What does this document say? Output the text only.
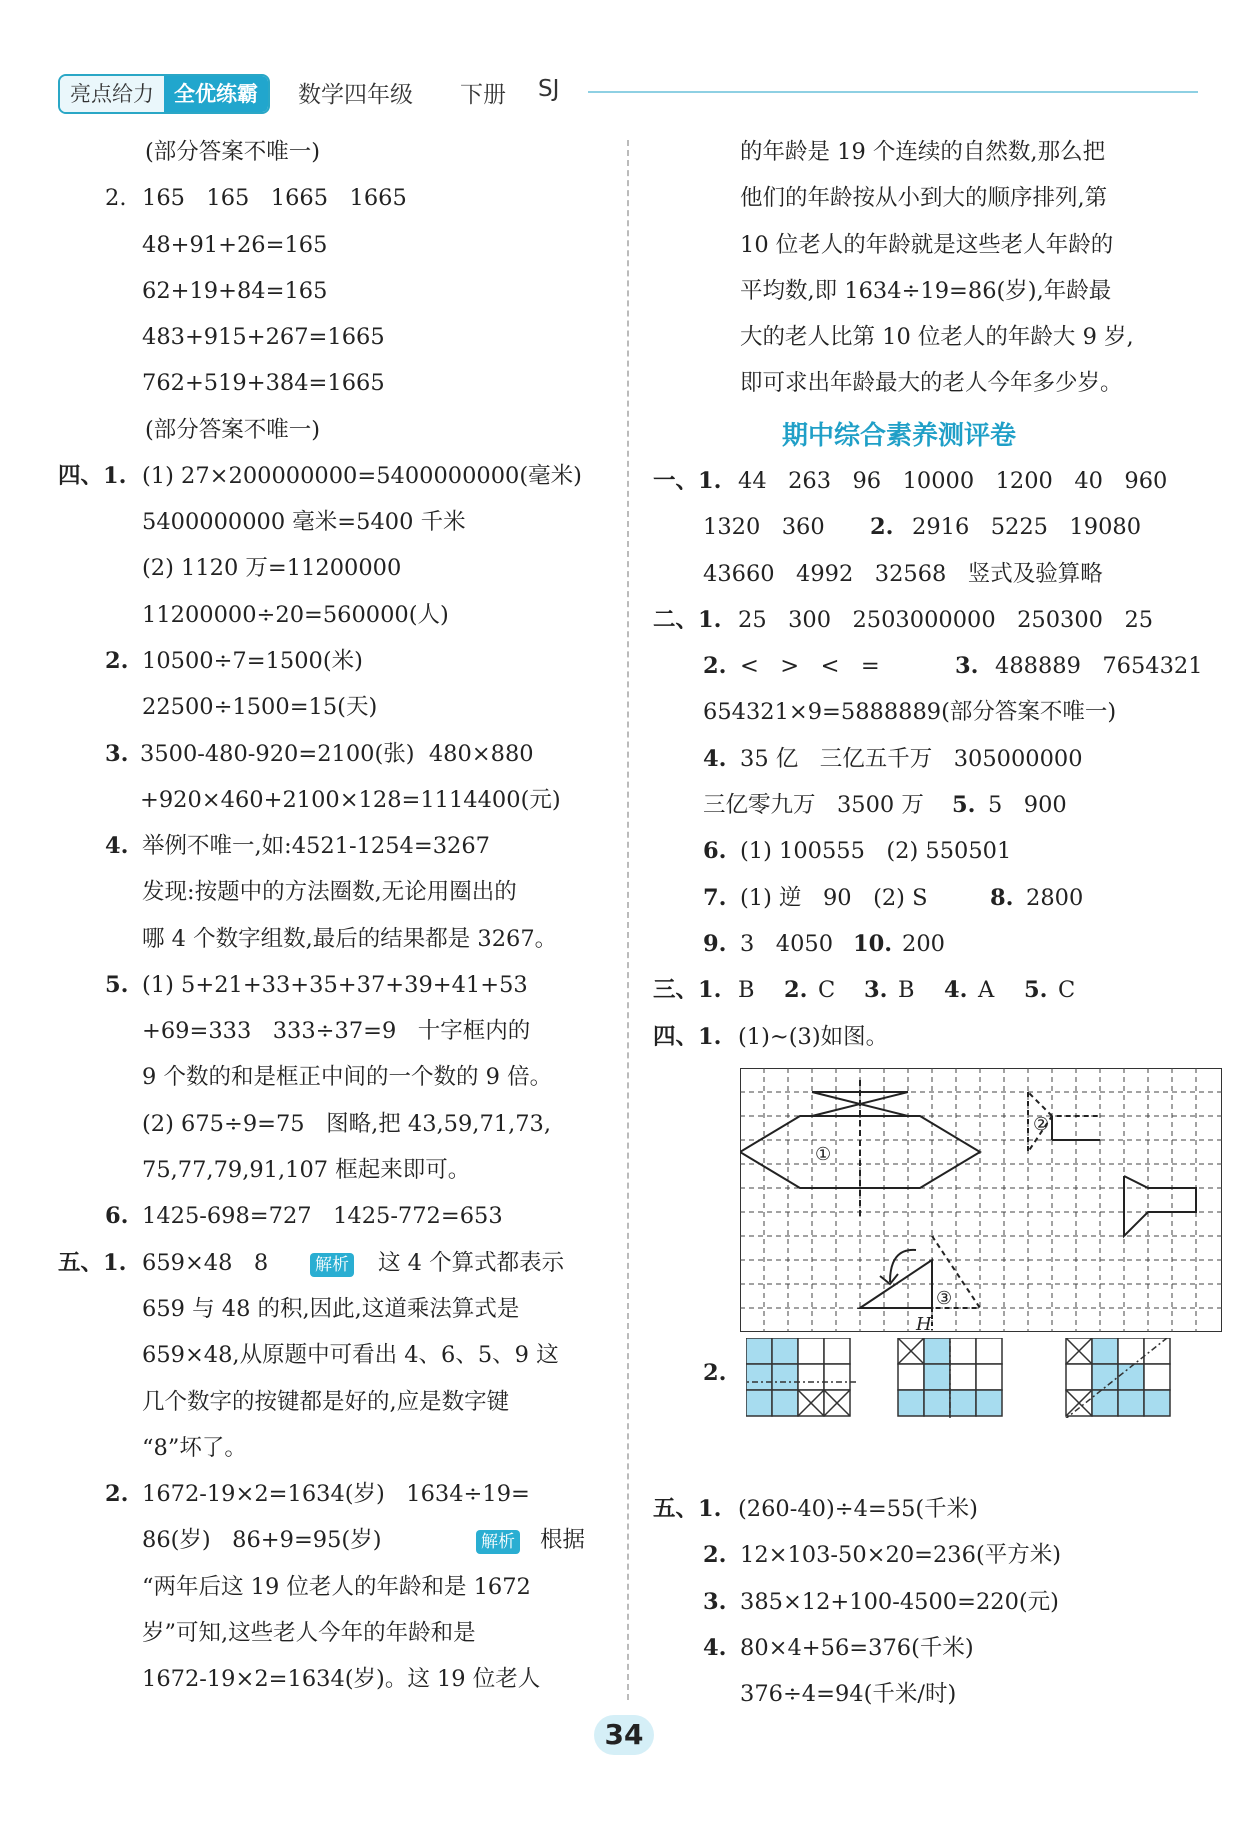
亮点给力 全优练霸	数学四年级 下册 SJ
(部分答案不唯一)
2. 165   165   1665   1665
48+91+26=165
62+19+84=165
483+915+267=1665
762+519+384=1665
(部分答案不唯一)
四、1. (1) 27×200000000=5400000000(毫米)
5400000000 毫米=5400 千米
(2) 1120 万=11200000
11200000÷20=560000(人)
2. 10500÷7=1500(米)
22500÷1500=15(天)
3. 3500-480-920=2100(张)  480×880
+920×460+2100×128=1114400(元)
4. 举例不唯一,如:4521-1254=3267
发现:按题中的方法圈数,无论用圈出的
哪 4 个数字组数,最后的结果都是 3267。
5. (1) 5+21+33+35+37+39+41+53
+69=333   333÷37=9   十字框内的
9 个数的和是框正中间的一个数的 9 倍。
(2) 675÷9=75   图略,把 43,59,71,73,
75,77,79,91,107 框起来即可。
6. 1425-698=727   1425-772=653
五、1. 659×48   8	解析 这 4 个算式都表示
659 与 48 的积,因此,这道乘法算式是
659×48,从原题中可看出 4、6、5、9 这
几个数字的按键都是好的,应是数字键
“8”坏了。
2. 1672-19×2=1634(岁)   1634÷19=
86(岁)   86+9=95(岁)	解析 根据
“两年后这 19 位老人的年龄和是 1672
岁”可知,这些老人今年的年龄和是
1672-19×2=1634(岁)。这 19 位老人
的年龄是 19 个连续的自然数,那么把
他们的年龄按从小到大的顺序排列,第
10 位老人的年龄就是这些老人年龄的
平均数,即 1634÷19=86(岁),年龄最
大的老人比第 10 位老人的年龄大 9 岁,
即可求出年龄最大的老人今年多少岁。
期中综合素养测评卷
一、1. 44   263   96   10000   1200   40   960
1320   360 2. 2916   5225   19080
43660   4992   32568   竖式及验算略
二、1. 25   300   2503000000   250300   25
2. <   >   <   =	3. 488889   7654321
654321×9=5888889(部分答案不唯一)
4. 35 亿   三亿五千万   305000000
三亿零九万   3500 万 5. 5   900
6. (1) 100555   (2) 550501
7. (1) 逆   90   (2) S	8. 2800
9. 3   4050 10. 200
三、1. B 2. C 3. B 4. A 5. C
四、1. (1)~(3)如图。
①
②
③
H
2.
五、1. (260-40)÷4=55(千米)
2. 12×103-50×20=236(平方米)
3. 385×12+100-4500=220(元)
4. 80×4+56=376(千米)
376÷4=94(千米/时)
34
